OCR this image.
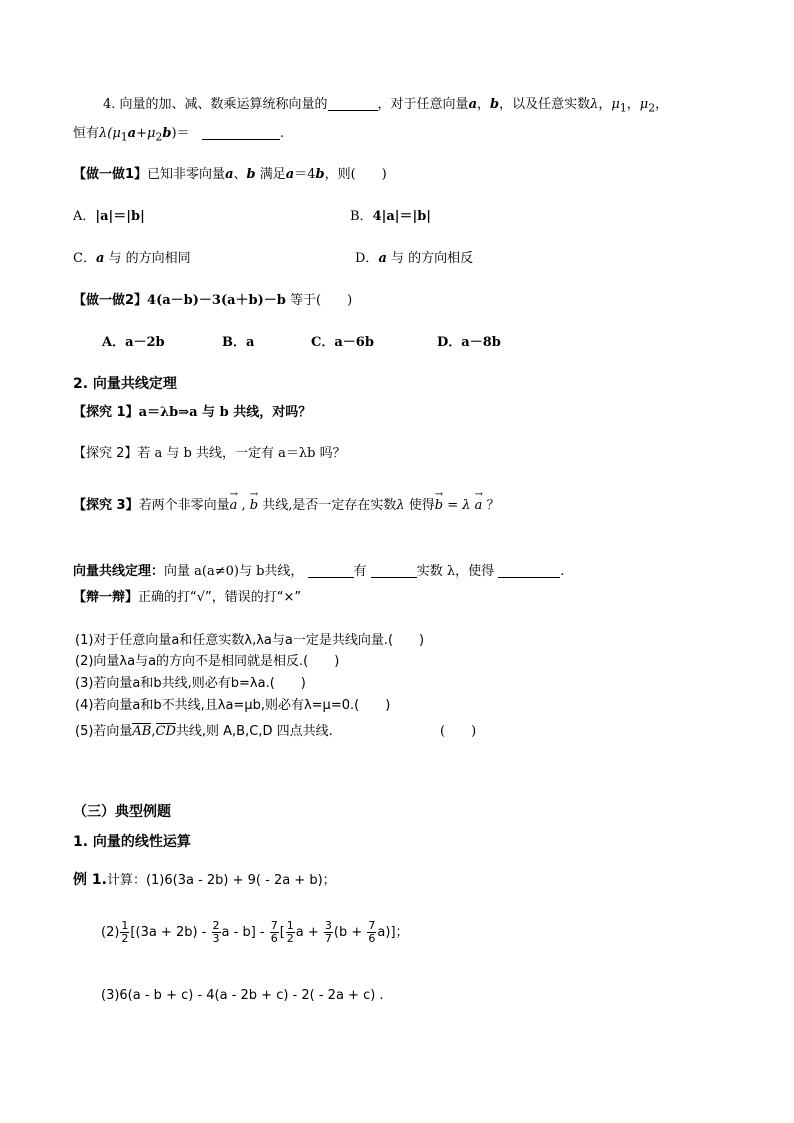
4. 向量的加、减、数乘运算统称向量的	，对于任意向量a，b，以及任意实数λ，$\mu_1$，$\mu_2$，
恒有$\lambda(\mu_1a+\mu_2b)=$	.
【做一做1】已知非零向量a、b 满足a＝4b，则(　　)
A．|a|＝|b|	B．4|a|＝|b|
C．a 与 的方向相同	D．a 与 的方向相反
【做一做2】4(a－b)－3(a＋b)－b 等于(　　)
A．a－2b	B．a	C．a－6b	D．a－8b
2. 向量共线定理
【探究 1】a＝λb⇒a 与 b 共线，对吗？
【探究 2】若 a 与 b 共线，一定有 a＝λb 吗？
【探究 3】若两个非零向量→ a , → b 共线,是否一定存在实数λ 使得→ b = λ → a ？
向量共线定理：向量 a(a≠0)与 b共线，	有	实数 λ，使得	.
【辩一辩】正确的打“√”，错误的打“×”
(1)对于任意向量a和任意实数λ,λa与a一定是共线向量.(　　)
(2)向量λa与a的方向不是相同就是相反.(　　)
(3)若向量a和b共线,则必有b=λa.(　　)
(4)若向量a和b不共线,且λa=μb,则必有λ=μ=0.(　　)
(5)若向量AB,CD共线,则 A,B,C,D 四点共线.	(　　)
（三）典型例题
1. 向量的线性运算
例 1.计算：(1)6(3a - 2b) + 9( - 2a + b)；
$(2) \frac{1}{2} [(3a + 2b) - \frac{2}{3}$ a - $b] - \frac{7}{6}$ [ $\frac{1}{2}$ $a + \frac{3}{7} (b + \frac{7}{6} a)$]；
(3)6(a - b + c) - 4(a - 2b + c) - 2( - 2a + c) .
